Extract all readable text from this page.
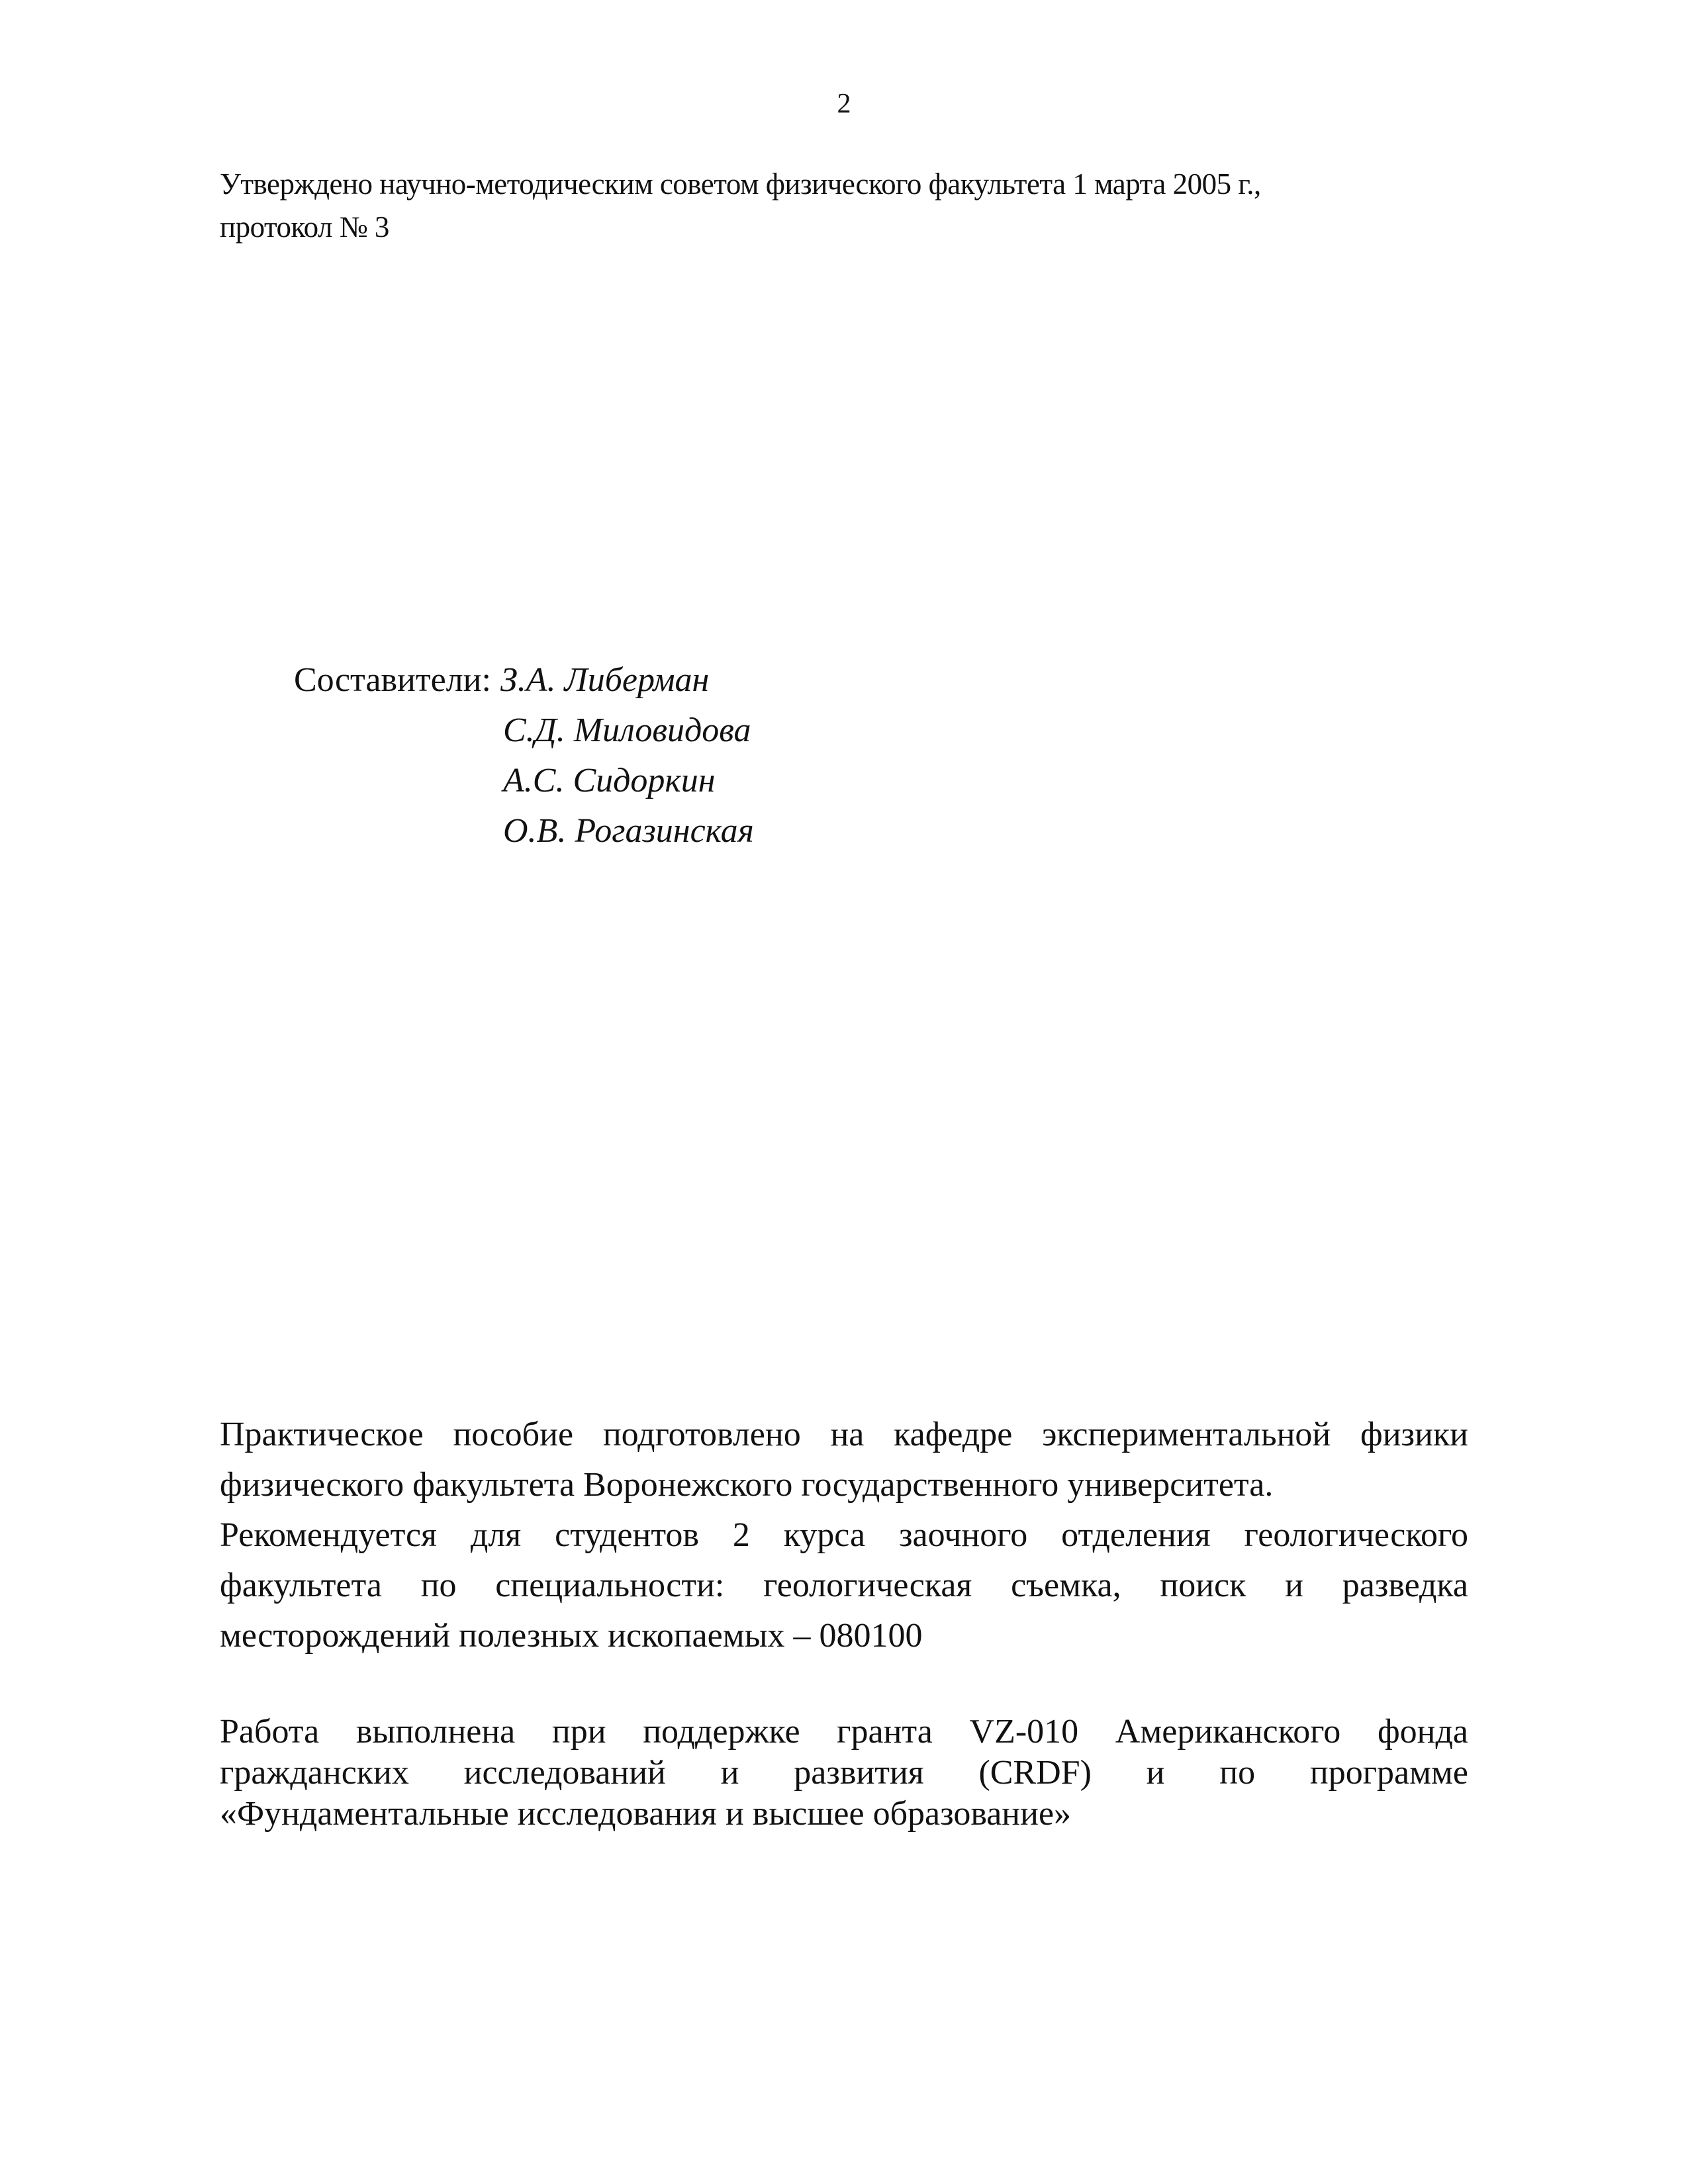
2
Утверждено научно-методическим советом физического факультета 1 марта 2005 г.,
протокол № 3
Составители: З.А. Либерман
С.Д. Миловидова
А.С. Сидоркин
О.В. Рогазинская
Практическое пособие подготовлено на кафедре экспериментальной физики
физического факультета Воронежского государственного университета.
Рекомендуется для студентов 2 курса заочного отделения геологического
факультета по специальности: геологическая съемка, поиск и разведка
месторождений полезных ископаемых – 080100
Работа выполнена при поддержке гранта VZ-010 Американского фонда
гражданских исследований и развития (CRDF) и по программе
«Фундаментальные исследования и высшее образование»
